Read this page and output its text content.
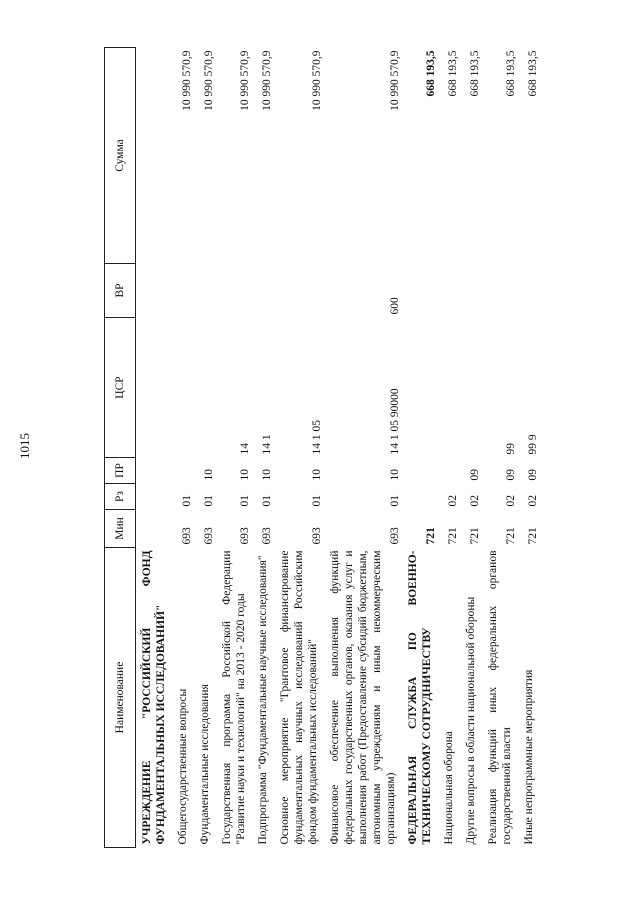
1015
Наименование	Мин	Рз	ПР	ЦСР	ВР	Сумма
УЧРЕЖДЕНИЕ "РОССИЙСКИЙ ФОНД ФУНДАМЕНТАЛЬНЫХ ИССЛЕДОВАНИЙ"						
Общегосударственные вопросы	693	01				10 990 570,9
Фундаментальные исследования	693	01	10			10 990 570,9
Государственная программа Российской Федерации "Развитие науки и технологий" на 2013 - 2020 годы	693	01	10	14		10 990 570,9
Подпрограмма "Фундаментальные научные исследования"	693	01	10	14 1		10 990 570,9
Основное мероприятие "Грантовое финансирование фундаментальных научных исследований Российским фондом фундаментальных исследований"	693	01	10	14 1 05		10 990 570,9
Финансовое обеспечение выполнения функций федеральных государственных органов, оказания услуг и выполнения работ (Предоставление субсидий бюджетным, автономным учреждениям и иным некоммерческим организациям)	693	01	10	14 1 05 90000	600	10 990 570,9
ФЕДЕРАЛЬНАЯ СЛУЖБА ПО ВОЕННО-ТЕХНИЧЕСКОМУ СОТРУДНИЧЕСТВУ	721					668 193,5
Национальная оборона	721	02				668 193,5
Другие вопросы в области национальной обороны	721	02	09			668 193,5
Реализация функций иных федеральных органов государственной власти	721	02	09	99		668 193,5
Иные непрограммные мероприятия	721	02	09	99 9		668 193,5
